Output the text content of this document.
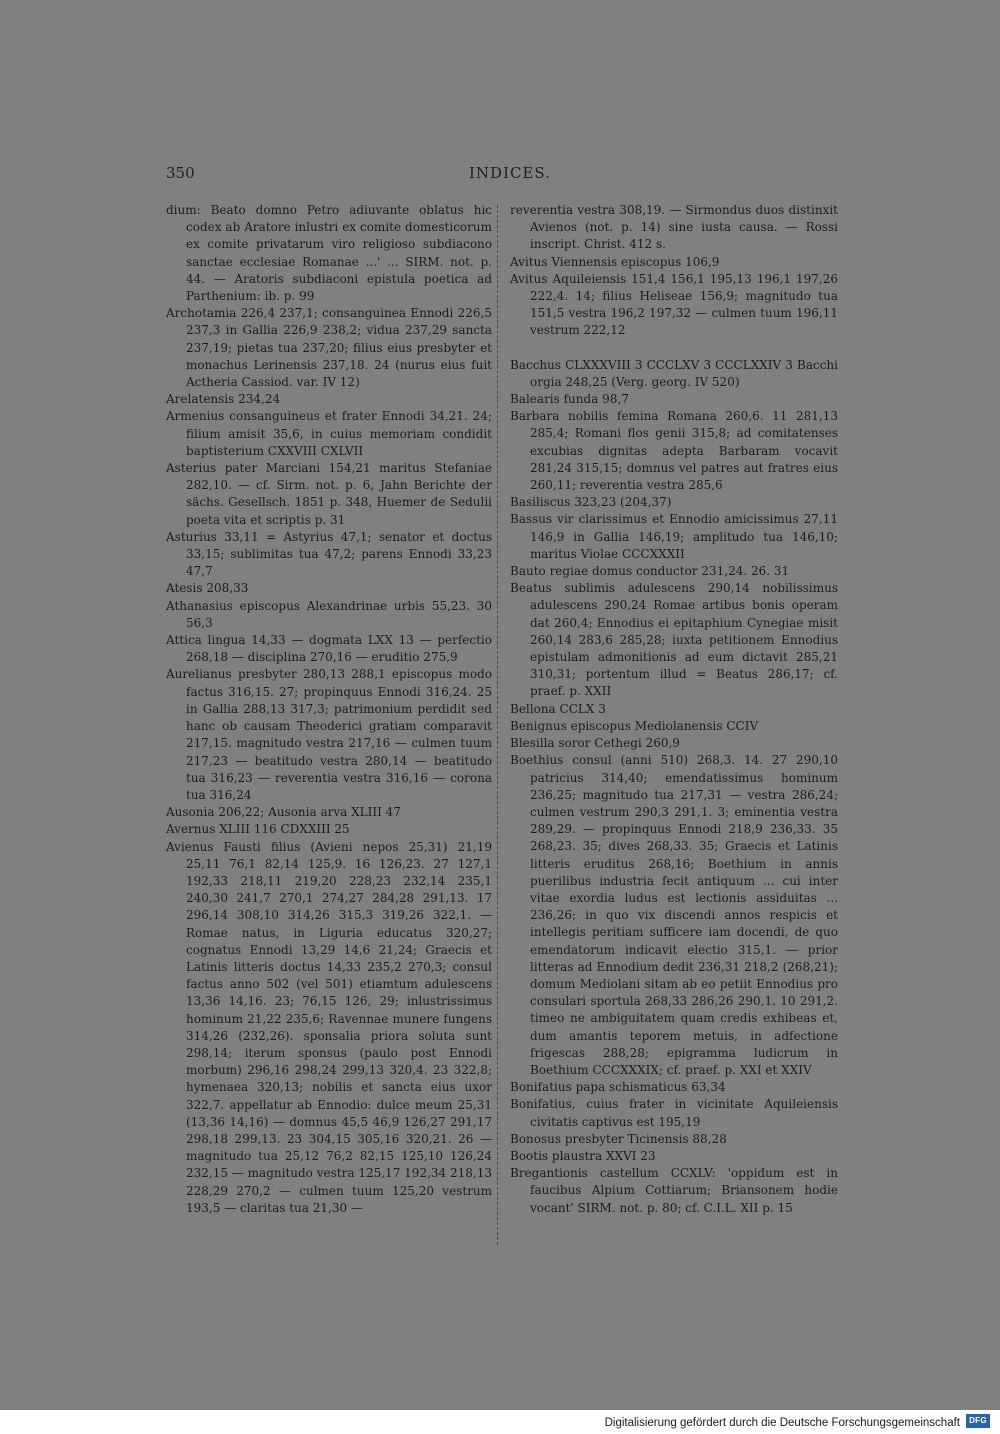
350	INDICES.

dium: Beato domno Petro adiuvante oblatus hic codex ab Aratore inlustri ex comite domesticorum ex comite privatarum viro religioso subdiacono sanctae ecclesiae Romanae ...' ... SIRM. not. p. 44. — Aratoris subdiaconi epistula poetica ad Parthenium: ib. p. 99

Archotamia 226,4 237,1; consanguinea Ennodi 226,5 237,3 in Gallia 226,9 238,2; vidua 237,29 sancta 237,19; pietas tua 237,20; filius eius presbyter et monachus Lerinensis 237,18. 24 (nurus eius fuit Actheria Cassiod. var. IV 12)

Arelatensis 234,24

Armenius consanguineus et frater Ennodi 34,21. 24; filium amisit 35,6, in cuius memoriam condidit baptisterium CXXVIII CXLVII

Asterius pater Marciani 154,21 maritus Stefaniae 282,10. — cf. Sirm. not. p. 6, Jahn Berichte der sächs. Gesellsch. 1851 p. 348, Huemer de Sedulii poeta vita et scriptis p. 31

Asturius 33,11 = Astyrius 47,1; senator et doctus 33,15; sublimitas tua 47,2; parens Ennodi 33,23 47,7

Atesis 208,33

Athanasius episcopus Alexandrinae urbis 55,23. 30 56,3

Attica lingua 14,33 — dogmata LXX 13 — perfectio 268,18 — disciplina 270,16 — eruditio 275,9

Aurelianus presbyter 280,13 288,1 episcopus modo factus 316,15. 27; propinquus Ennodi 316,24. 25 in Gallia 288,13 317,3; patrimonium perdidit sed hanc ob causam Theoderici gratiam comparavit 217,15. magnitudo vestra 217,16 — culmen tuum 217,23 — beatitudo vestra 280,14 — beatitudo tua 316,23 — reverentia vestra 316,16 — corona tua 316,24

Ausonia 206,22; Ausonia arva XLIII 47

Avernus XLIII 116 CDXXIII 25

Avienus Fausti filius (Avieni nepos 25,31) 21,19 25,11 76,1 82,14 125,9. 16 126,23. 27 127,1 192,33 218,11 219,20 228,23 232,14 235,1 240,30 241,7 270,1 274,27 284,28 291,13. 17 296,14 308,10 314,26 315,3 319,26 322,1. — Romae natus, in Liguria educatus 320,27; cognatus Ennodi 13,29 14,6 21,24; Graecis et Latinis litteris doctus 14,33 235,2 270,3; consul factus anno 502 (vel 501) etiamtum adulescens 13,36 14,16. 23; 76,15 126, 29; inlustrissimus hominum 21,22 235,6; Ravennae munere fungens 314,26 (232,26). sponsalia priora soluta sunt 298,14; iterum sponsus (paulo post Ennodi morbum) 296,16 298,24 299,13 320,4. 23 322,8; hymenaea 320,13; nobilis et sancta eius uxor 322,7. appellatur ab Ennodio: dulce meum 25,31 (13,36 14,16) — domnus 45,5 46,9 126,27 291,17 298,18 299,13. 23 304,15 305,16 320,21. 26 — magnitudo tua 25,12 76,2 82,15 125,10 126,24 232,15 — magnitudo vestra 125,17 192,34 218,13 228,29 270,2 — culmen tuum 125,20 vestrum 193,5 — claritas tua 21,30 —

reverentia vestra 308,19. — Sirmondus duos distinxit Avienos (not. p. 14) sine iusta causa. — Rossi inscript. Christ. 412 s.

Avitus Viennensis episcopus 106,9

Avitus Aquileiensis 151,4 156,1 195,13 196,1 197,26 222,4. 14; filius Heliseae 156,9; magnitudo tua 151,5 vestra 196,2 197,32 — culmen tuum 196,11 vestrum 222,12

Bacchus CLXXXVIII 3 CCCLXV 3 CCCLXXIV 3 Bacchi orgia 248,25 (Verg. georg. IV 520)

Balearis funda 98,7

Barbara nobilis femina Romana 260,6. 11 281,13 285,4; Romani flos genii 315,8; ad comitatenses excubias dignitas adepta Barbaram vocavit 281,24 315,15; domnus vel patres aut fratres eius 260,11; reverentia vestra 285,6

Basiliscus 323,23 (204,37)

Bassus vir clarissimus et Ennodio amicissimus 27,11 146,9 in Gallia 146,19; amplitudo tua 146,10; maritus Violae CCCXXXII

Bauto regiae domus conductor 231,24. 26. 31

Beatus sublimis adulescens 290,14 nobilissimus adulescens 290,24 Romae artibus bonis operam dat 260,4; Ennodius ei epitaphium Cynegiae misit 260,14 283,6 285,28; iuxta petitionem Ennodius epistulam admonitionis ad eum dictavit 285,21 310,31; portentum illud = Beatus 286,17; cf. praef. p. XXII

Bellona CCLX 3

Benignus episcopus Mediolanensis CCIV

Blesilla soror Cethegi 260,9

Boethius consul (anni 510) 268,3. 14. 27 290,10 patricius 314,40; emendatissimus hominum 236,25; magnitudo tua 217,31 — vestra 286,24; culmen vestrum 290,3 291,1. 3; eminentia vestra 289,29. — propinquus Ennodi 218,9 236,33. 35 268,23. 35; dives 268,33. 35; Graecis et Latinis litteris eruditus 268,16; Boethium in annis puerilibus industria fecit antiquum ... cui inter vitae exordia ludus est lectionis assiduitas ... 236,26; in quo vix discendi annos respicis et intellegis peritiam sufficere iam docendi, de quo emendatorum indicavit electio 315,1. — prior litteras ad Ennodium dedit 236,31 218,2 (268,21); domum Mediolani sitam ab eo petiit Ennodius pro consulari sportula 268,33 286,26 290,1. 10 291,2. timeo ne ambiguitatem quam credis exhibeas et, dum amantis teporem metuis, in adfectione frigescas 288,28; epigramma ludicrum in Boethium CCCXXXIX; cf. praef. p. XXI et XXIV

Bonifatius papa schismaticus 63,34

Bonifatius, cuius frater in vicinitate Aquileiensis civitatis captivus est 195,19

Bonosus presbyter Ticinensis 88,28

Bootis plaustra XXVI 23

Bregantionis castellum CCXLV: 'oppidum est in faucibus Alpium Cottiarum; Briansonem hodie vocant' SIRM. not. p. 80; cf. C.I.L. XII p. 15

Digitalisierung gefördert durch die Deutsche Forschungsgemeinschaft	DFG
